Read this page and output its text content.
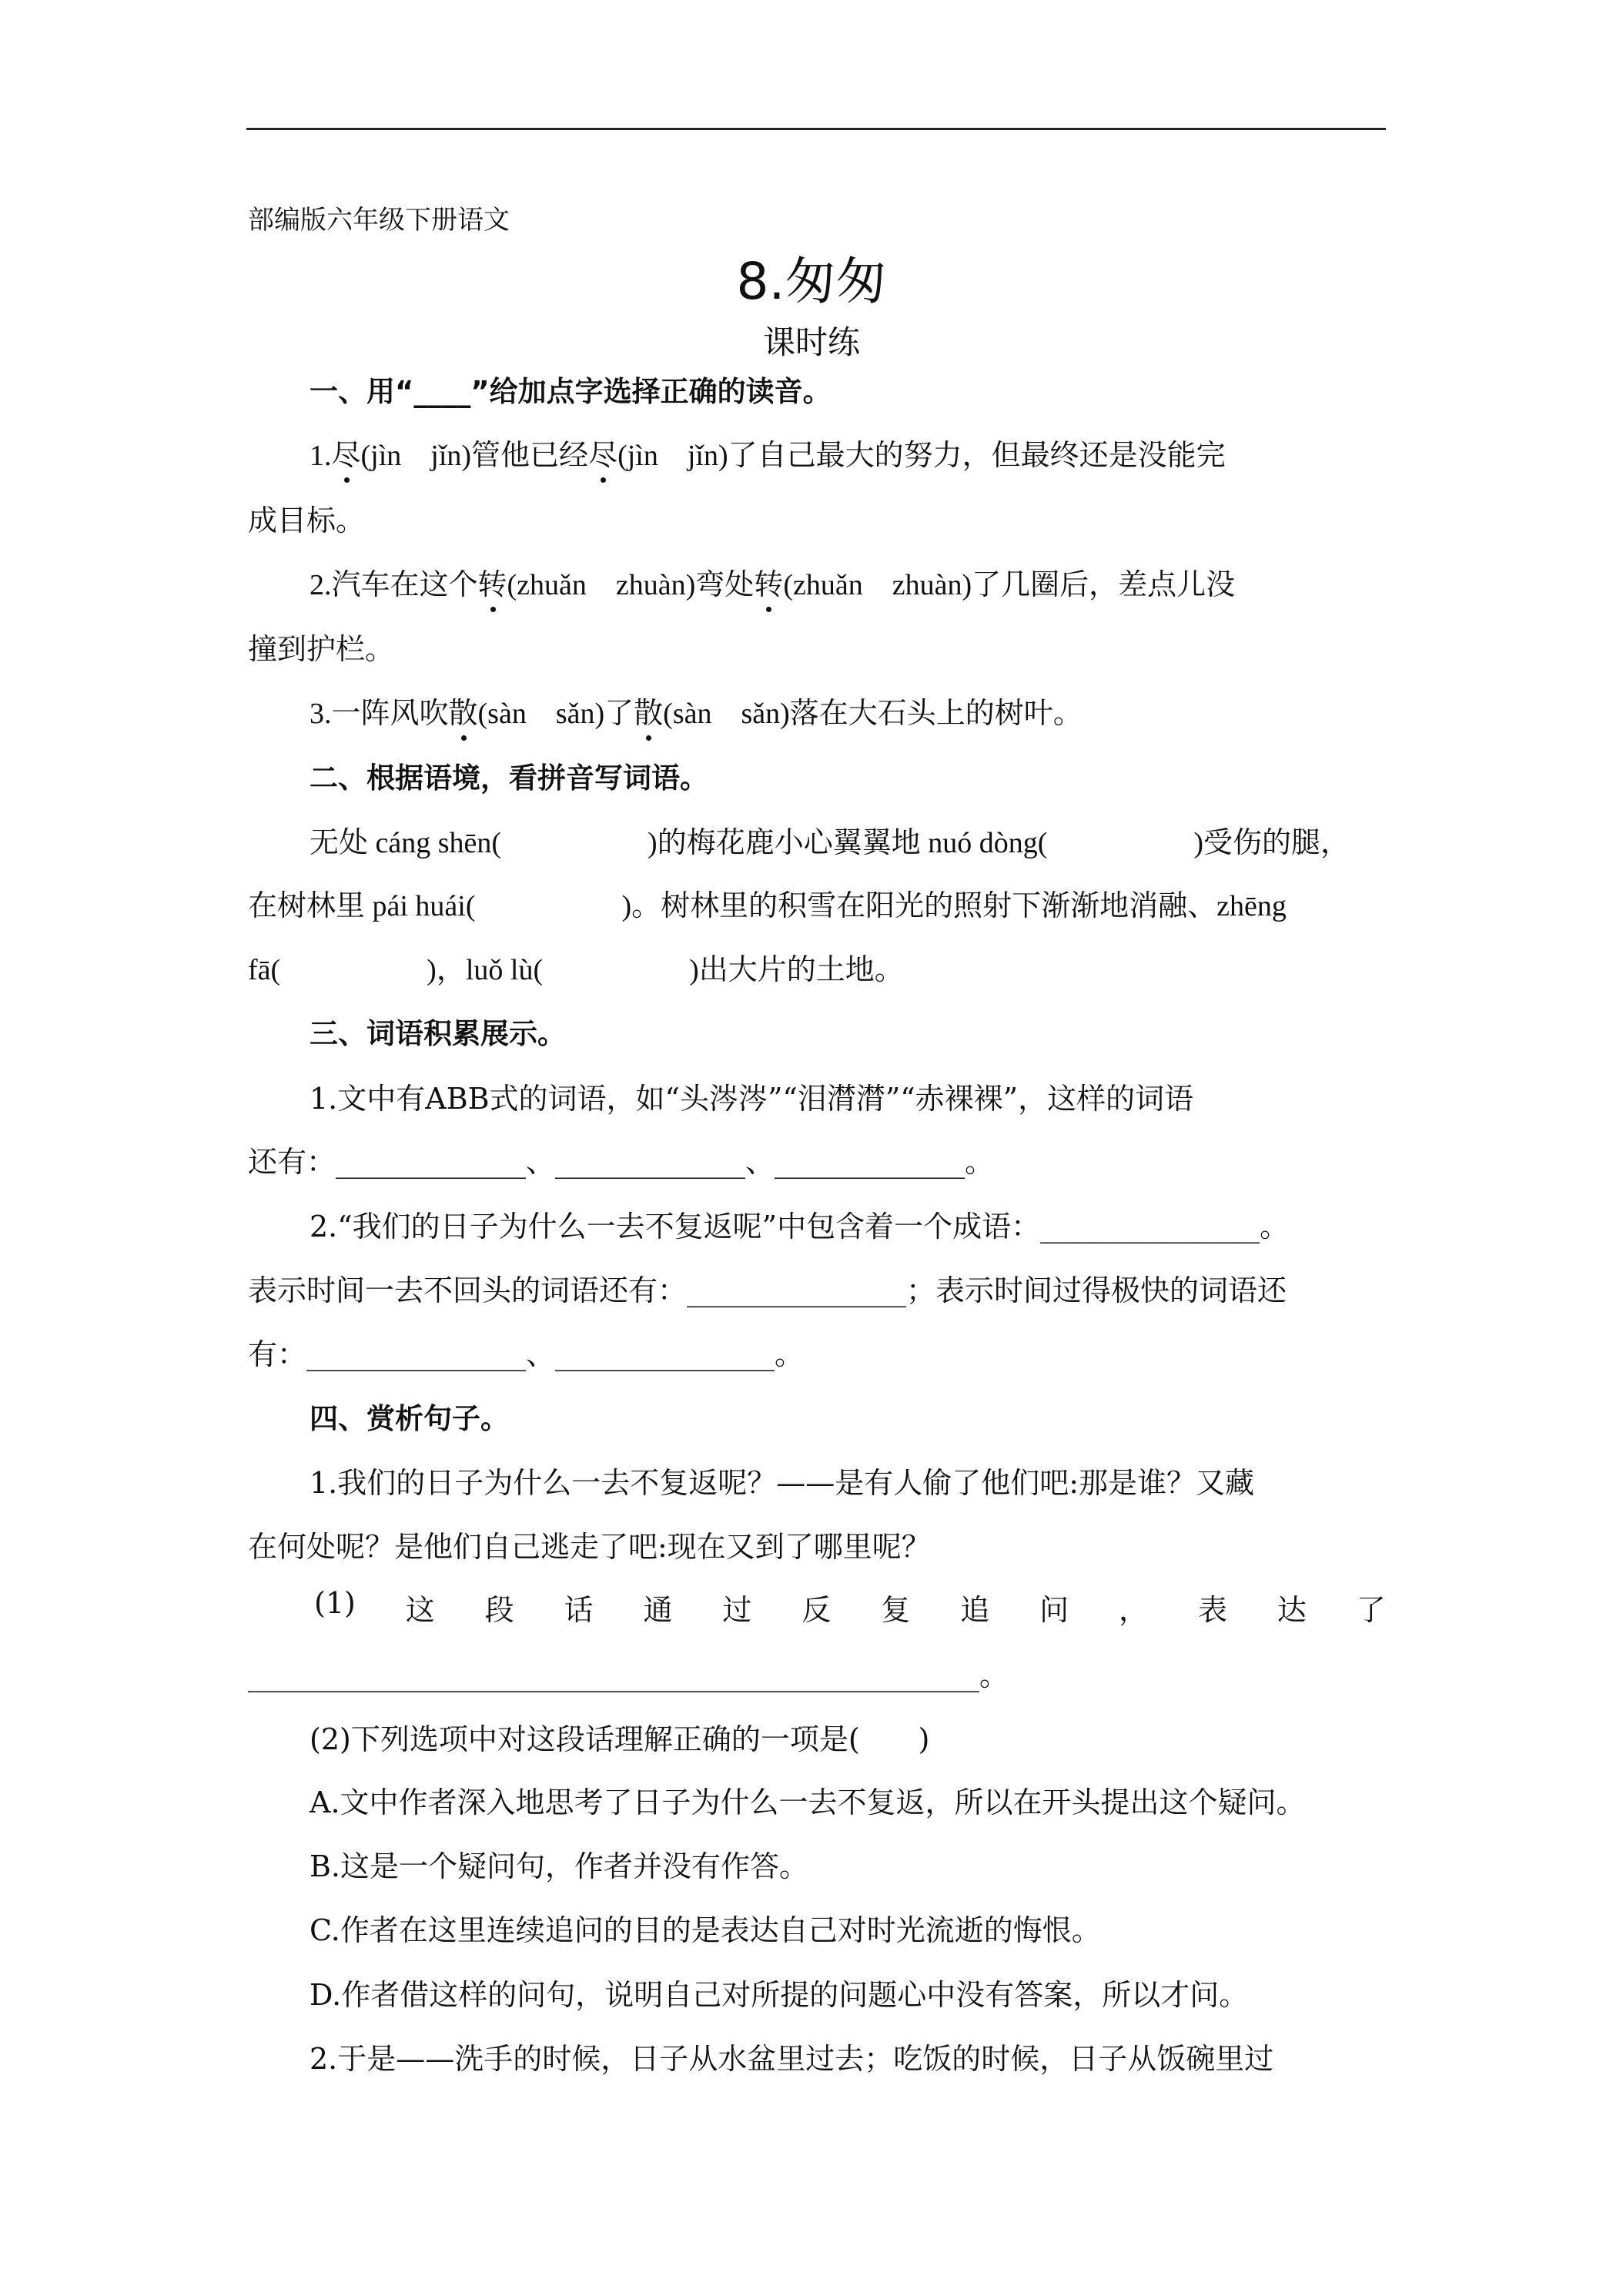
部编版六年级下册语文
8.匆匆
课时练
一、用“____”给加点字选择正确的读音。
1.尽(jìn　jǐn)管他已经尽(jìn　jǐn)了自己最大的努力，但最终还是没能完
成目标。
2.汽车在这个转(zhuǎn　zhuàn)弯处转(zhuǎn　zhuàn)了几圈后，差点儿没
撞到护栏。
3.一阵风吹散(sàn　sǎn)了散(sàn　sǎn)落在大石头上的树叶。
二、根据语境，看拼音写词语。
无处 cáng shēn(　　　　　)的梅花鹿小心翼翼地 nuó dòng(　　　　　)受伤的腿，
在树林里 pái huái(　　　　　)。树林里的积雪在阳光的照射下渐渐地消融、zhēng
fā(　　　　　)，luǒ lù(　　　　　)出大片的土地。
三、词语积累展示。
1.文中有ABB式的词语，如“头涔涔”“泪潸潸”“赤裸裸”，这样的词语
还有：_____________、_____________、_____________。
2.“我们的日子为什么一去不复返呢”中包含着一个成语：_______________。
表示时间一去不回头的词语还有：_______________；表示时间过得极快的词语还
有：_______________、_______________。
四、赏析句子。
1.我们的日子为什么一去不复返呢？——是有人偷了他们吧:那是谁？又藏
在何处呢？是他们自己逃走了吧:现在又到了哪里呢？
(1) 这 段 话 通 过 反 复 追 问 ， 表 达 了
__________________________________________________。
(2)下列选项中对这段话理解正确的一项是(　　)
A.文中作者深入地思考了日子为什么一去不复返，所以在开头提出这个疑问。
B.这是一个疑问句，作者并没有作答。
C.作者在这里连续追问的目的是表达自己对时光流逝的悔恨。
D.作者借这样的问句，说明自己对所提的问题心中没有答案，所以才问。
2.于是——洗手的时候，日子从水盆里过去；吃饭的时候，日子从饭碗里过
